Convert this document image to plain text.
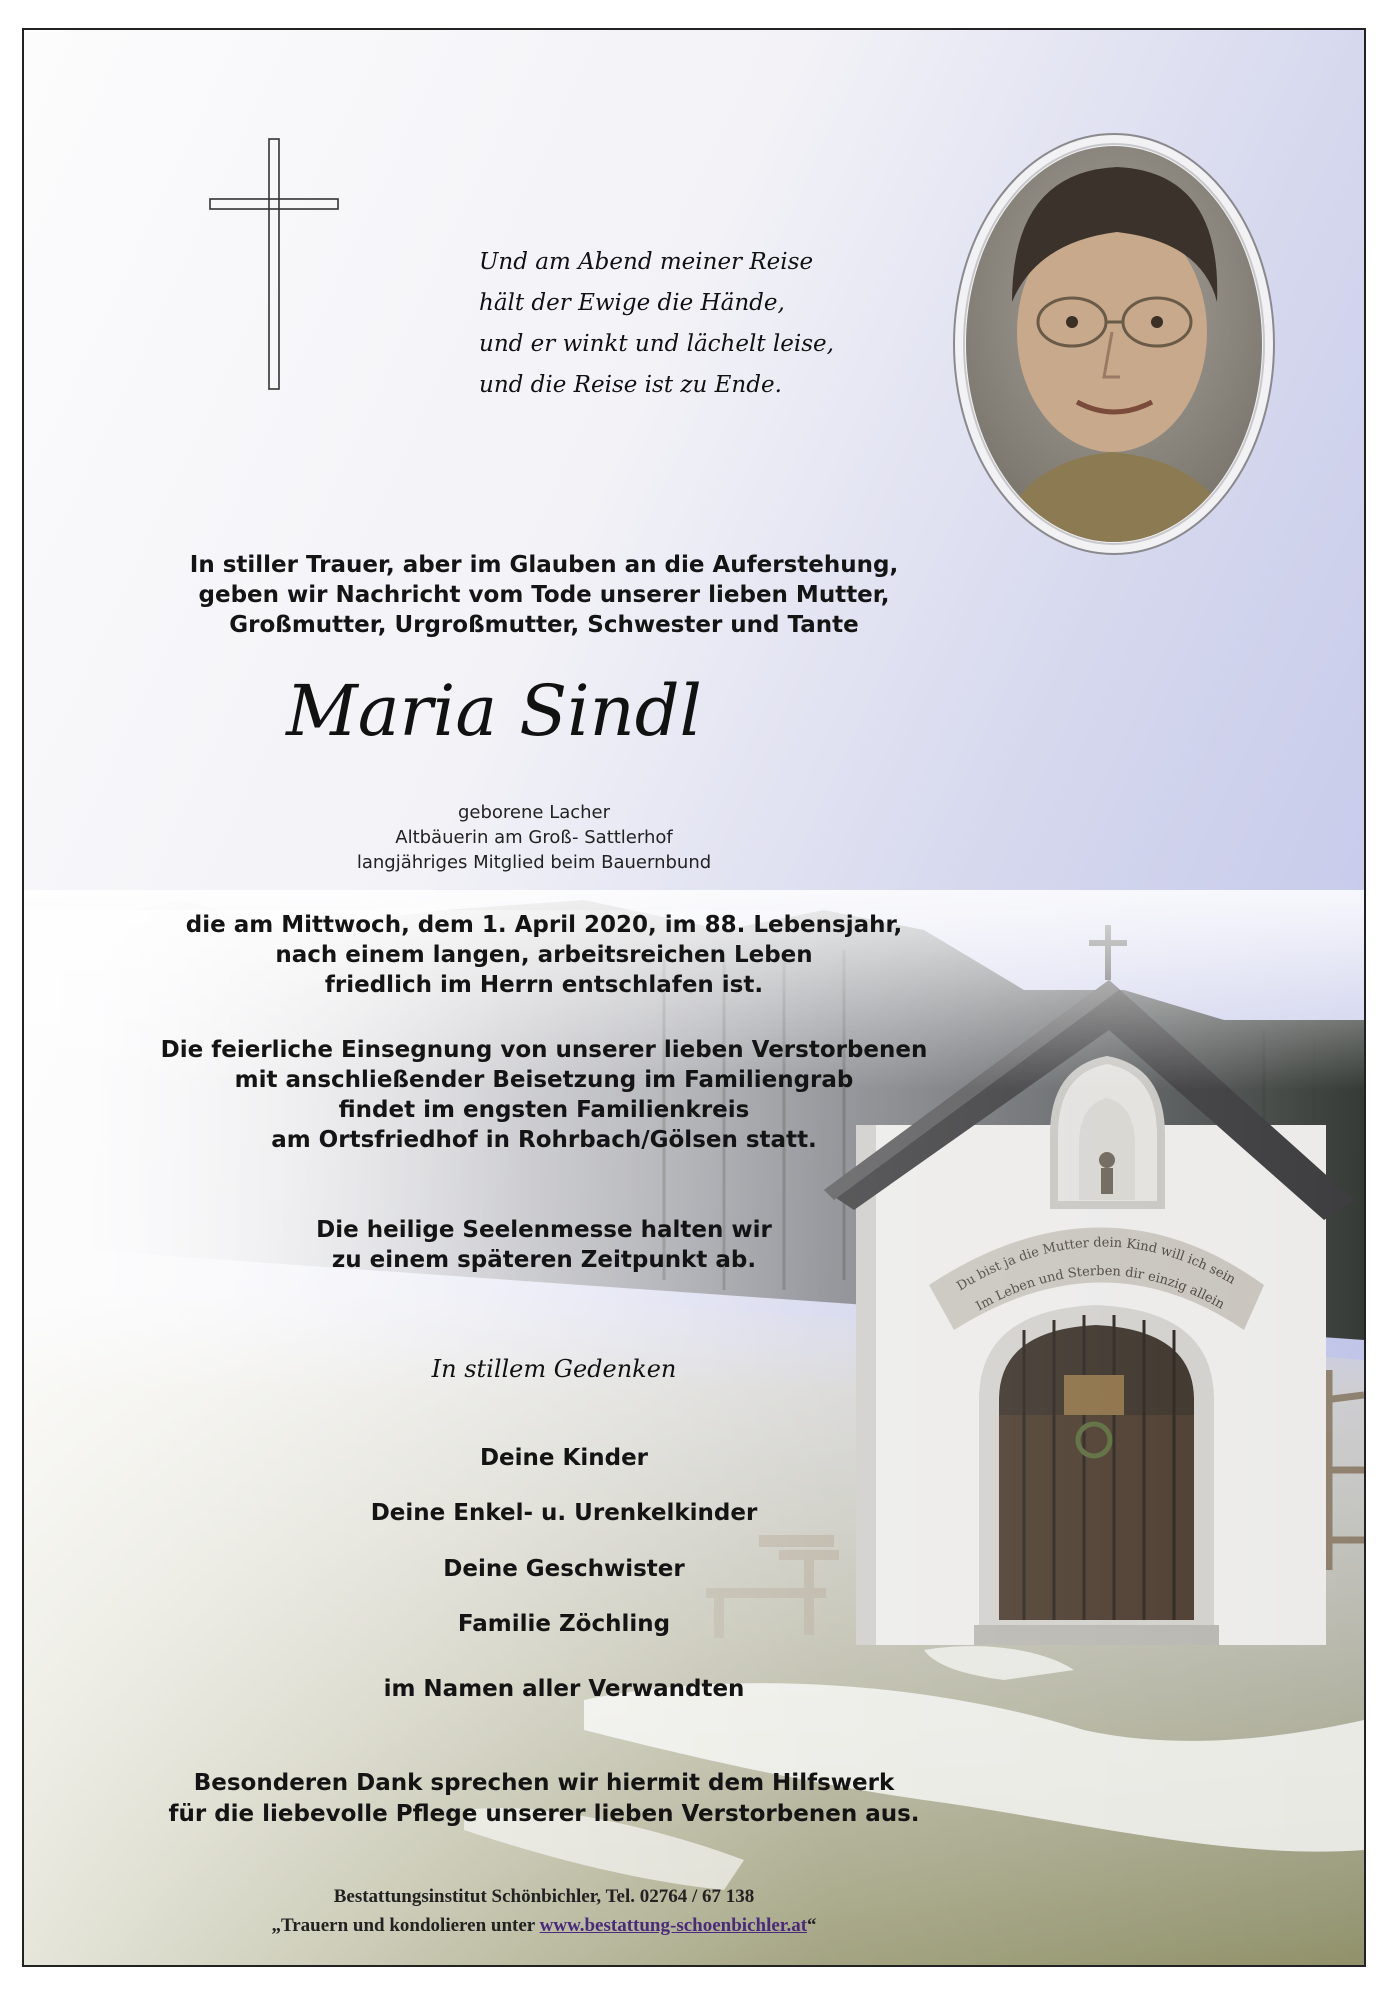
Und am Abend meiner Reise
hält der Ewige die Hände,
und er winkt und lächelt leise,
und die Reise ist zu Ende.
In stiller Trauer, aber im Glauben an die Auferstehung,
geben wir Nachricht vom Tode unserer lieben Mutter,
Großmutter, Urgroßmutter, Schwester und Tante
Maria Sindl
geborene Lacher
Altbäuerin am Groß- Sattlerhof
langjähriges Mitglied beim Bauernbund
die am Mittwoch, dem 1. April 2020, im 88. Lebensjahr,
nach einem langen, arbeitsreichen Leben
friedlich im Herrn entschlafen ist.
Die feierliche Einsegnung von unserer lieben Verstorbenen
mit anschließender Beisetzung im Familiengrab
findet im engsten Familienkreis
am Ortsfriedhof in Rohrbach/Gölsen statt.
Die heilige Seelenmesse halten wir
zu einem späteren Zeitpunkt ab.
In stillem Gedenken
Deine Kinder
Deine Enkel- u. Urenkelkinder
Deine Geschwister
Familie Zöchling
im Namen aller Verwandten
Besonderen Dank sprechen wir hiermit dem Hilfswerk
für die liebevolle Pflege unserer lieben Verstorbenen aus.
Bestattungsinstitut Schönbichler, Tel. 02764 / 67 138
„Trauern und kondolieren unter www.bestattung-schoenbichler.at“
